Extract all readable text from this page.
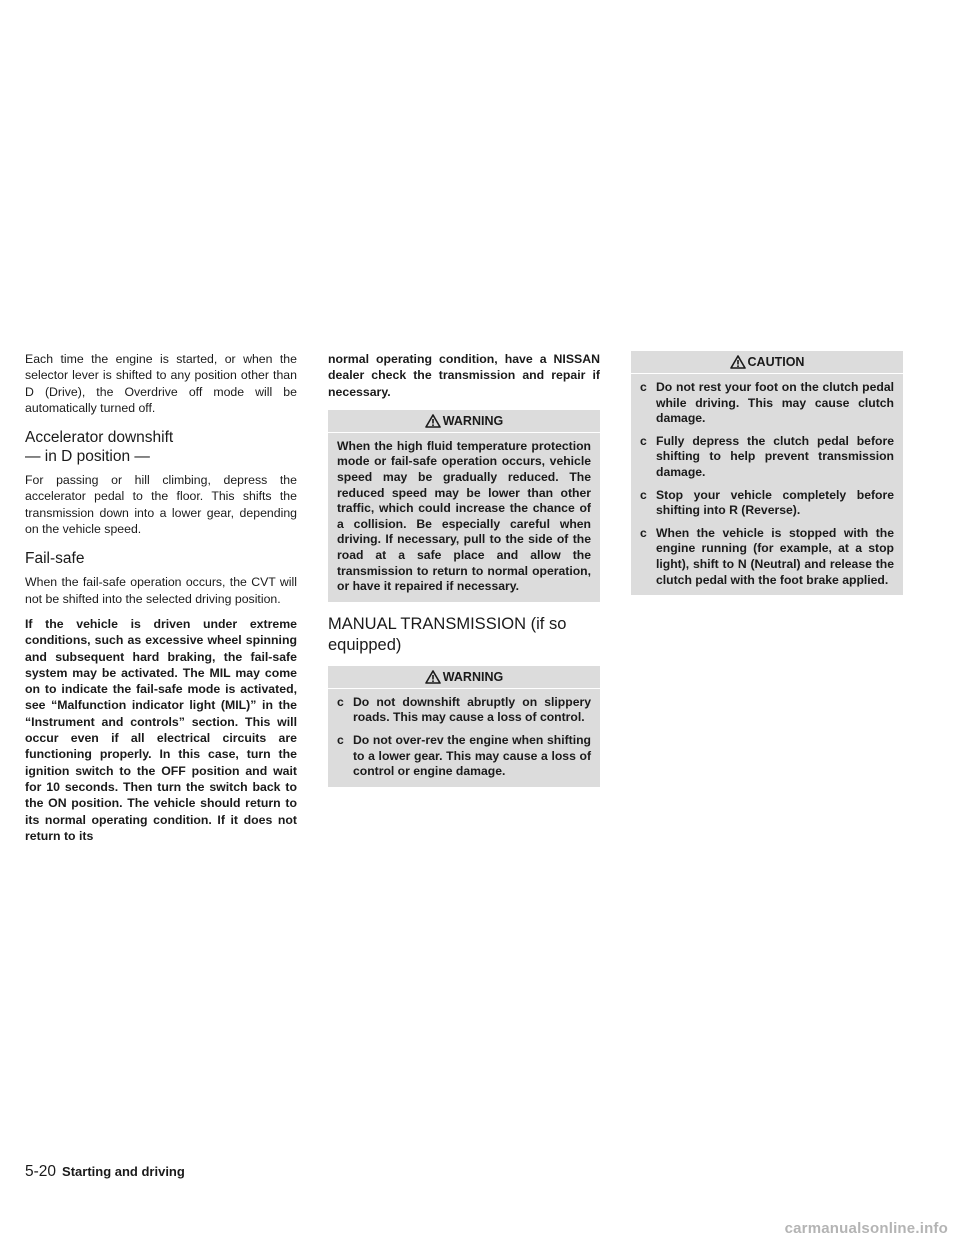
Each time the engine is started, or when the selector lever is shifted to any position other than D (Drive), the Overdrive off mode will be automatically turned off.

Accelerator downshift
— in D position —

For passing or hill climbing, depress the accelerator pedal to the floor. This shifts the transmission down into a lower gear, depending on the vehicle speed.

Fail-safe

When the fail-safe operation occurs, the CVT will not be shifted into the selected driving position.

If the vehicle is driven under extreme conditions, such as excessive wheel spinning and subsequent hard braking, the fail-safe system may be activated. The MIL may come on to indicate the fail-safe mode is activated, see “Malfunction indicator light (MIL)” in the “Instrument and controls” section. This will occur even if all electrical circuits are functioning properly. In this case, turn the ignition switch to the OFF position and wait for 10 seconds. Then turn the switch back to the ON position. The vehicle should return to its normal operating condition. If it does not return to its

normal operating condition, have a NISSAN dealer check the transmission and repair if necessary.

WARNING

When the high fluid temperature protection mode or fail-safe operation occurs, vehicle speed may be gradually reduced. The reduced speed may be lower than other traffic, which could increase the chance of a collision. Be especially careful when driving. If necessary, pull to the side of the road at a safe place and allow the transmission to return to normal operation, or have it repaired if necessary.

MANUAL TRANSMISSION (if so equipped)
WARNING
c Do not downshift abruptly on slippery roads. This may cause a loss of control.
c Do not over-rev the engine when shifting to a lower gear. This may cause a loss of control or engine damage.
CAUTION
c Do not rest your foot on the clutch pedal while driving. This may cause clutch damage.
c Fully depress the clutch pedal before shifting to help prevent transmission damage.
c Stop your vehicle completely before shifting into R (Reverse).
c When the vehicle is stopped with the engine running (for example, at a stop light), shift to N (Neutral) and release the clutch pedal with the foot brake applied.
5-20 Starting and driving
carmanualsonline.info
